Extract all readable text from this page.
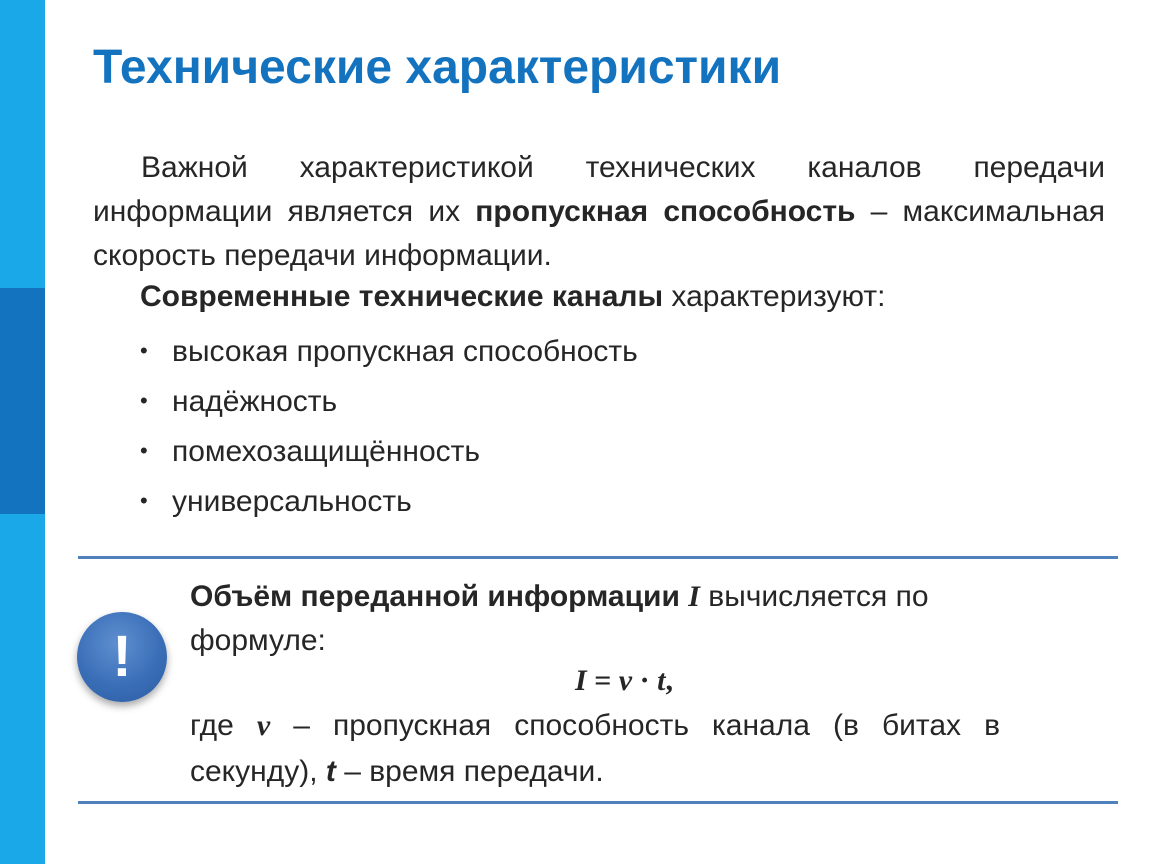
Технические характеристики
Важной характеристикой технических каналов передачи информации является их пропускная способность – максимальная скорость передачи информации.
Современные технические каналы характеризуют:
• высокая пропускная способность
• надёжность
• помехозащищённость
• универсальность
!
Объём переданной информации I вычисляется по формуле:
I = v · t,
где v – пропускная способность канала (в битах в секунду), t – время передачи.
